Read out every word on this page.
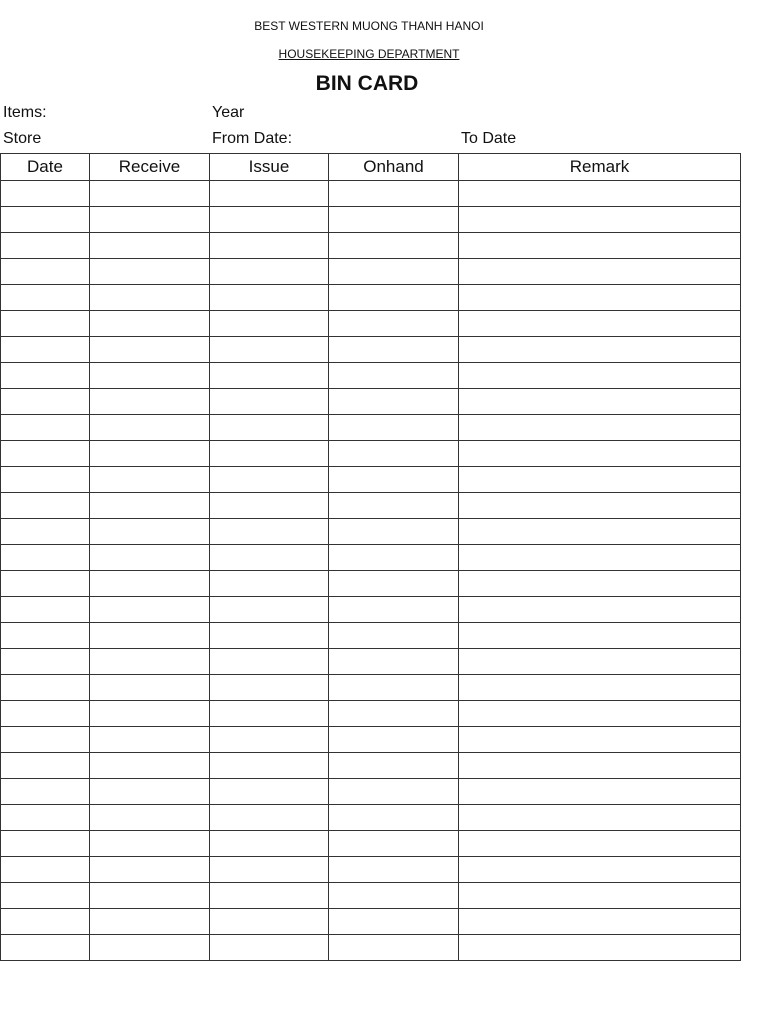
BEST WESTERN MUONG THANH HANOI
HOUSEKEEPING DEPARTMENT
BIN CARD
Items:	Year
Store	From Date:	To Date
Date	Receive	Issue	Onhand	Remark
